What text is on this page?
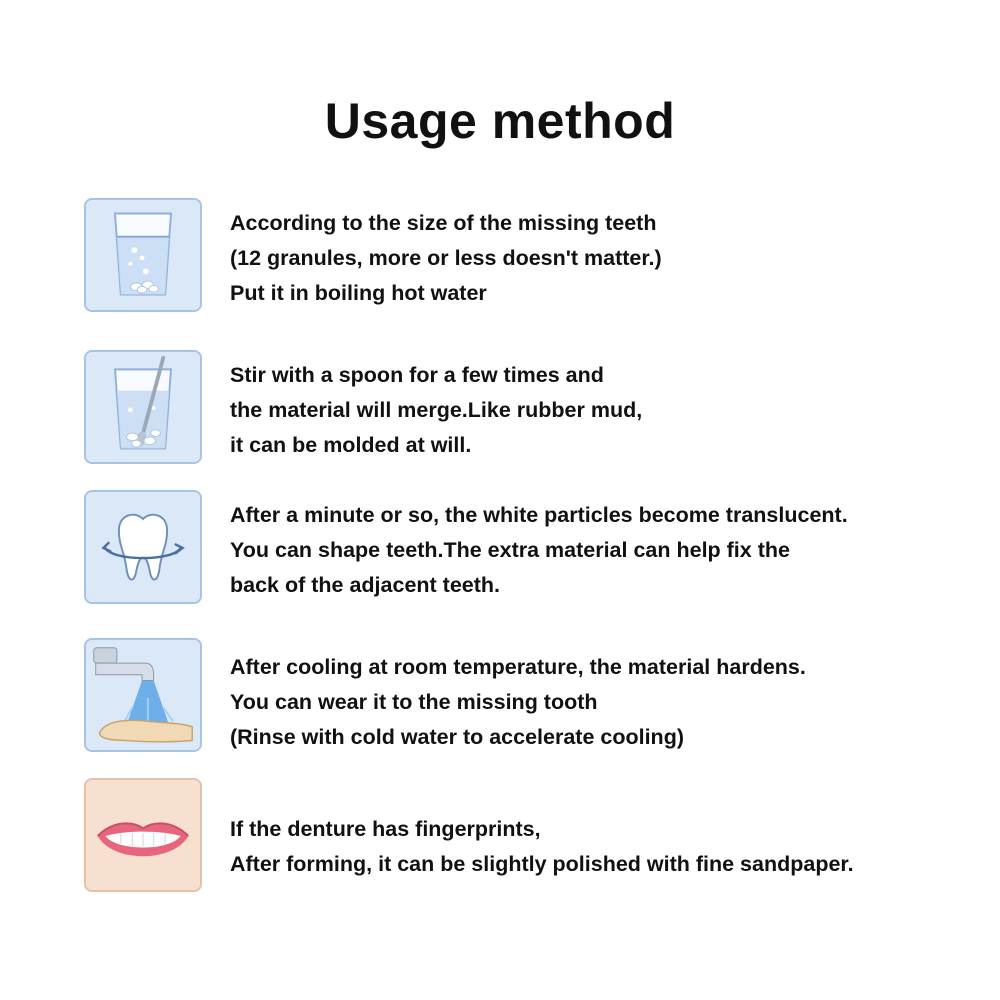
Usage method
According to the size of the missing teeth
(12 granules, more or less doesn't matter.)
Put it in boiling hot water
Stir with a spoon for a few times and
the material will merge.Like rubber mud,
it can be molded at will.
After a minute or so, the white particles become translucent.
You can shape teeth.The extra material can help fix the
back of the adjacent teeth.
After cooling at room temperature, the material hardens.
You can wear it to the missing tooth
(Rinse with cold water to accelerate cooling)
If the denture has fingerprints,
After forming, it can be slightly polished with fine sandpaper.
